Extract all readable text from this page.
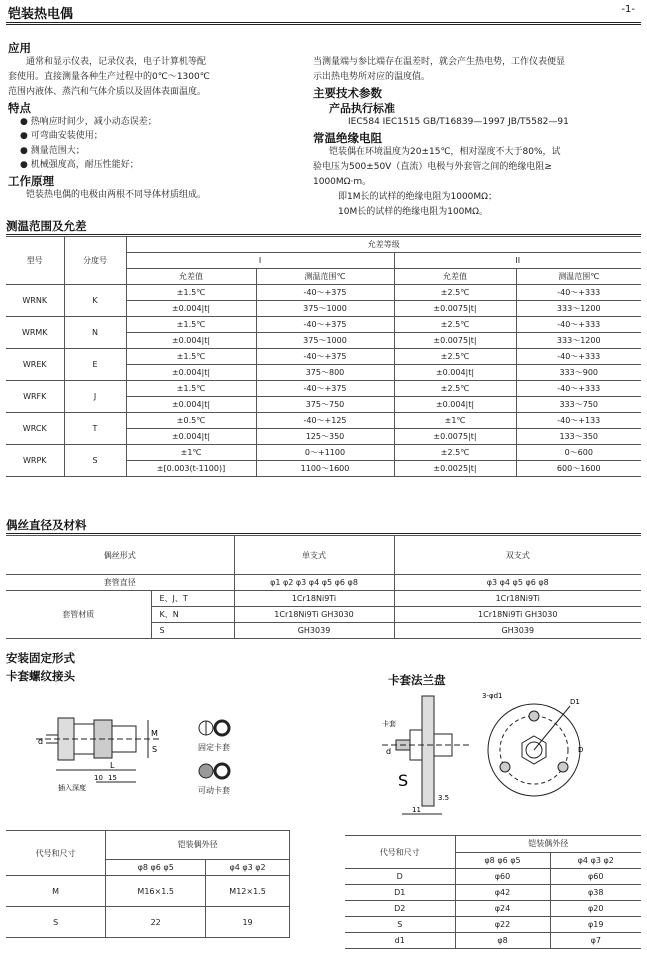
铠装热电偶	-1-
应用
通常和显示仪表，记录仪表，电子计算机等配
套使用。直接测量各种生产过程中的0℃～1300℃
范围内液体、蒸汽和气体介质以及固体表面温度。
特点
● 热响应时间少，减小动态误差；
● 可弯曲安装使用；
● 测量范围大；
● 机械强度高，耐压性能好；
工作原理
铠装热电偶的电极由两根不同导体材质组成。
当测量端与参比端存在温差时，就会产生热电势，工作仪表便显
示出热电势所对应的温度值。
主要技术参数
产品执行标准
IEC584 IEC1515 GB/T16839—1997 JB/T5582—91
常温绝缘电阻
铠装偶在环境温度为20±15℃，相对湿度不大于80%，试
验电压为500±50V（直流）电极与外套管之间的绝缘电阻≥
1000MΩ·m。
即1M长的试样的绝缘电阻为1000MΩ；
10M长的试样的绝缘电阻为100MΩ。
测温范围及允差
型号	分度号	允差等级			
		I		II	
		允差值	测温范围℃	允差值	测温范围℃
WRNK	K	±1.5℃	-40～+375	±2.5℃	-40～+333
		±0.004|t|	375～1000	±0.0075|t|	333～1200
WRMK	N	±1.5℃	-40～+375	±2.5℃	-40～+333
		±0.004|t|	375～1000	±0.0075|t|	333～1200
WREK	E	±1.5℃	-40～+375	±2.5℃	-40～+333
		±0.004|t|	375～800	±0.004|t|	333～900
WRFK	J	±1.5℃	-40～+375	±2.5℃	-40～+333
		±0.004|t|	375～750	±0.004|t|	333～750
WRCK	T	±0.5℃	-40～+125	±1℃	-40～+133
		±0.004|t|	125～350	±0.0075|t|	133～350
WRPK	S	±1℃	0～+1100	±2.5℃	0～600
		±[0.003(t-1100)]	1100～1600	±0.0025|t|	600～1600
偶丝直径及材料
偶丝形式		单支式	双支式
套管直径		φ1 φ2 φ3 φ4 φ5 φ6 φ8	φ3 φ4 φ5 φ6 φ8
套管材质	E、J、T	1Cr18Ni9Ti	1Cr18Ni9Ti
	K、N	1Cr18Ni9Ti GH3030	1Cr18Ni9Ti GH3030
	S	GH3039	GH3039
安装固定形式
卡套螺纹接头	卡套法兰盘
d
M
S
L
插入深度
15
10
固定卡套
可动卡套
卡套
d
S
3.5
11
3-φd1
D1
D
代号和尺寸	铠装偶外径	
	φ8 φ6 φ5	φ4 φ3 φ2
M	M16×1.5	M12×1.5
S	22	19
代号和尺寸	铠装偶外径	
	φ8 φ6 φ5	φ4 φ3 φ2
D	φ60	φ60
D1	φ42	φ38
D2	φ24	φ20
S	φ22	φ19
d1	φ8	φ7
